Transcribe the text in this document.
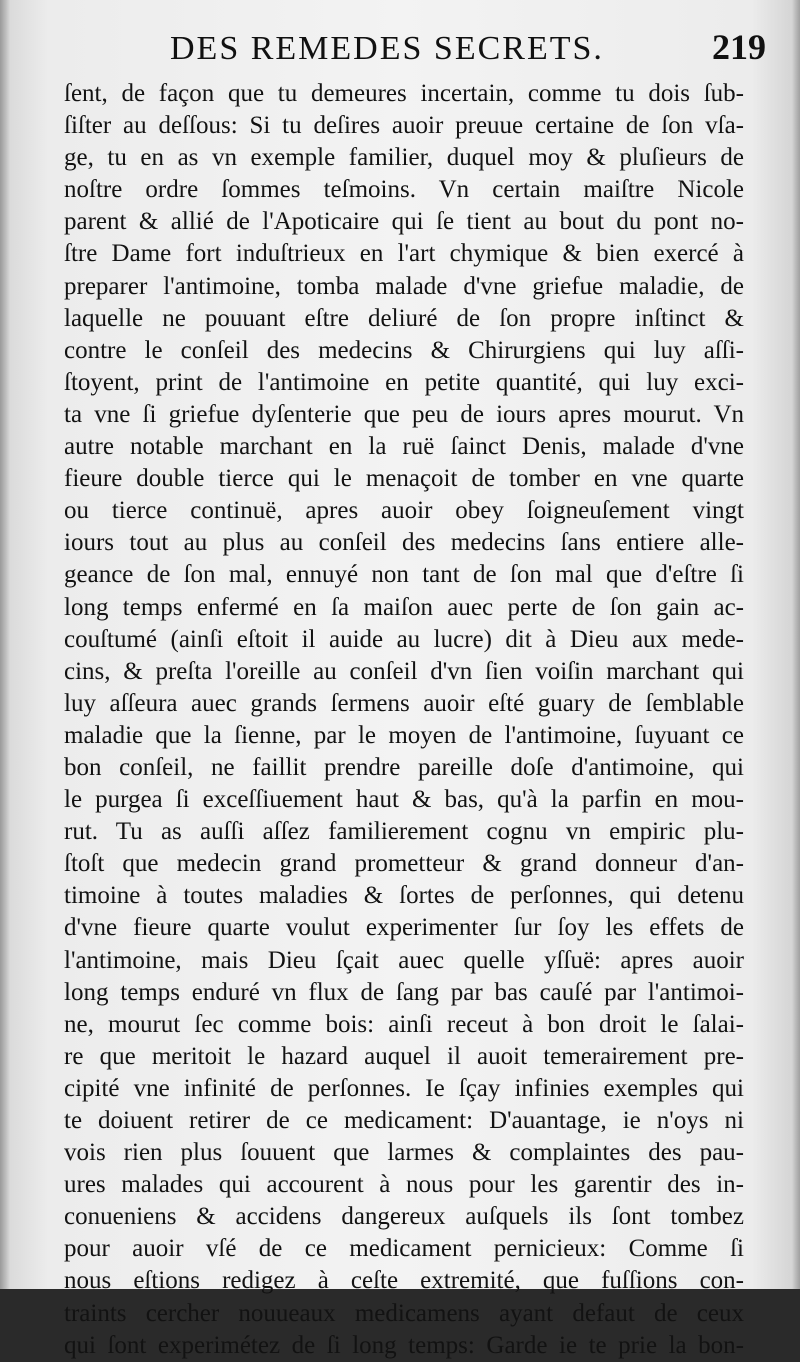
DES REMEDES SECRETS.	219
ſent, de façon que tu demeures incertain, comme tu dois ſub-
ſiſter au deſſous: Si tu deſires auoir preuue certaine de ſon vſa-
ge, tu en as vn exemple familier, duquel moy & pluſieurs de
noſtre ordre ſommes teſmoins. Vn certain maiſtre Nicole
parent & allié de l'Apoticaire qui ſe tient au bout du pont no-
ſtre Dame fort induſtrieux en l'art chymique & bien exercé à
preparer l'antimoine, tomba malade d'vne griefue maladie, de
laquelle ne pouuant eſtre deliuré de ſon propre inſtinct &
contre le conſeil des medecins & Chirurgiens qui luy aſſi-
ſtoyent, print de l'antimoine en petite quantité, qui luy exci-
ta vne ſi griefue dyſenterie que peu de iours apres mourut. Vn
autre notable marchant en la ruë ſainct Denis, malade d'vne
fieure double tierce qui le menaçoit de tomber en vne quarte
ou tierce continuë, apres auoir obey ſoigneuſement vingt
iours tout au plus au conſeil des medecins ſans entiere alle-
geance de ſon mal, ennuyé non tant de ſon mal que d'eſtre ſi
long temps enfermé en ſa maiſon auec perte de ſon gain ac-
couſtumé (ainſi eſtoit il auide au lucre) dit à Dieu aux mede-
cins, & preſta l'oreille au conſeil d'vn ſien voiſin marchant qui
luy aſſeura auec grands ſermens auoir eſté guary de ſemblable
maladie que la ſienne, par le moyen de l'antimoine, ſuyuant ce
bon conſeil, ne faillit prendre pareille doſe d'antimoine, qui
le purgea ſi exceſſiuement haut & bas, qu'à la parfin en mou-
rut. Tu as auſſi aſſez familierement cognu vn empiric plu-
ſtoſt que medecin grand prometteur & grand donneur d'an-
timoine à toutes maladies & ſortes de perſonnes, qui detenu
d'vne fieure quarte voulut experimenter ſur ſoy les effets de
l'antimoine, mais Dieu ſçait auec quelle yſſuë: apres auoir
long temps enduré vn flux de ſang par bas cauſé par l'antimoi-
ne, mourut ſec comme bois: ainſi receut à bon droit le ſalai-
re que meritoit le hazard auquel il auoit temerairement pre-
cipité vne infinité de perſonnes. Ie ſçay infinies exemples qui
te doiuent retirer de ce medicament: D'auantage, ie n'oys ni
vois rien plus ſouuent que larmes & complaintes des pau-
ures malades qui accourent à nous pour les garentir des in-
conueniens & accidens dangereux auſquels ils ſont tombez
pour auoir vſé de ce medicament pernicieux: Comme ſi
nous eſtions redigez à ceſte extremité, que fuſſions con-
traints cercher nouueaux medicamens ayant defaut de ceux
qui ſont experimétez de ſi long temps: Garde ie te prie la bon-
